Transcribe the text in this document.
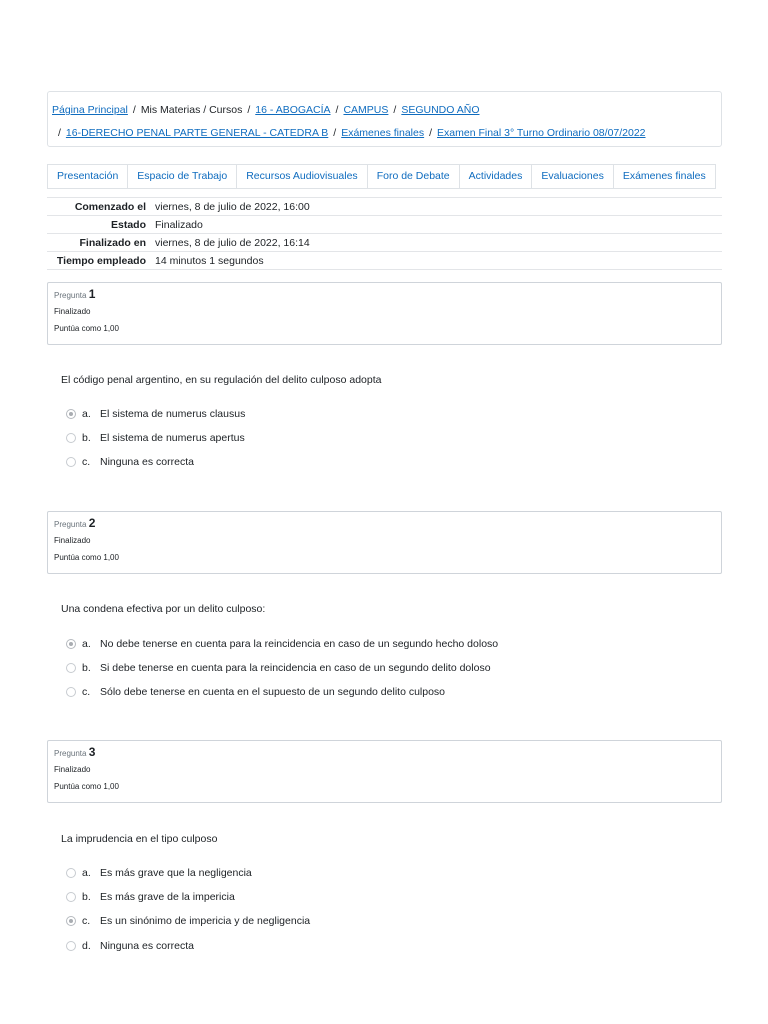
Página Principal / Mis Materias / Cursos / 16 - ABOGACÍA / CAMPUS / SEGUNDO AÑO
/ 16-DERECHO PENAL PARTE GENERAL - CATEDRA B / Exámenes finales / Examen Final 3° Turno Ordinario 08/07/2022
Presentación	Espacio de Trabajo	Recursos Audiovisuales	Foro de Debate	Actividades	Evaluaciones	Exámenes finales
Comenzado el	viernes, 8 de julio de 2022, 16:00
Estado	Finalizado
Finalizado en	viernes, 8 de julio de 2022, 16:14
Tiempo empleado	14 minutos 1 segundos
Pregunta 1
Finalizado
Puntúa como 1,00
El código penal argentino, en su regulación del delito culposo adopta
a. El sistema de numerus clausus
b. El sistema de numerus apertus
c. Ninguna es correcta
Pregunta 2
Finalizado
Puntúa como 1,00
Una condena efectiva por un delito culposo:
a. No debe tenerse en cuenta para la reincidencia en caso de un segundo hecho doloso
b. Si debe tenerse en cuenta para la reincidencia en caso de un segundo delito doloso
c. Sólo debe tenerse en cuenta en el supuesto de un segundo delito culposo
Pregunta 3
Finalizado
Puntúa como 1,00
La imprudencia en el tipo culposo
a. Es más grave que la negligencia
b. Es más grave de la impericia
c. Es un sinónimo de impericia y de negligencia
d. Ninguna es correcta
